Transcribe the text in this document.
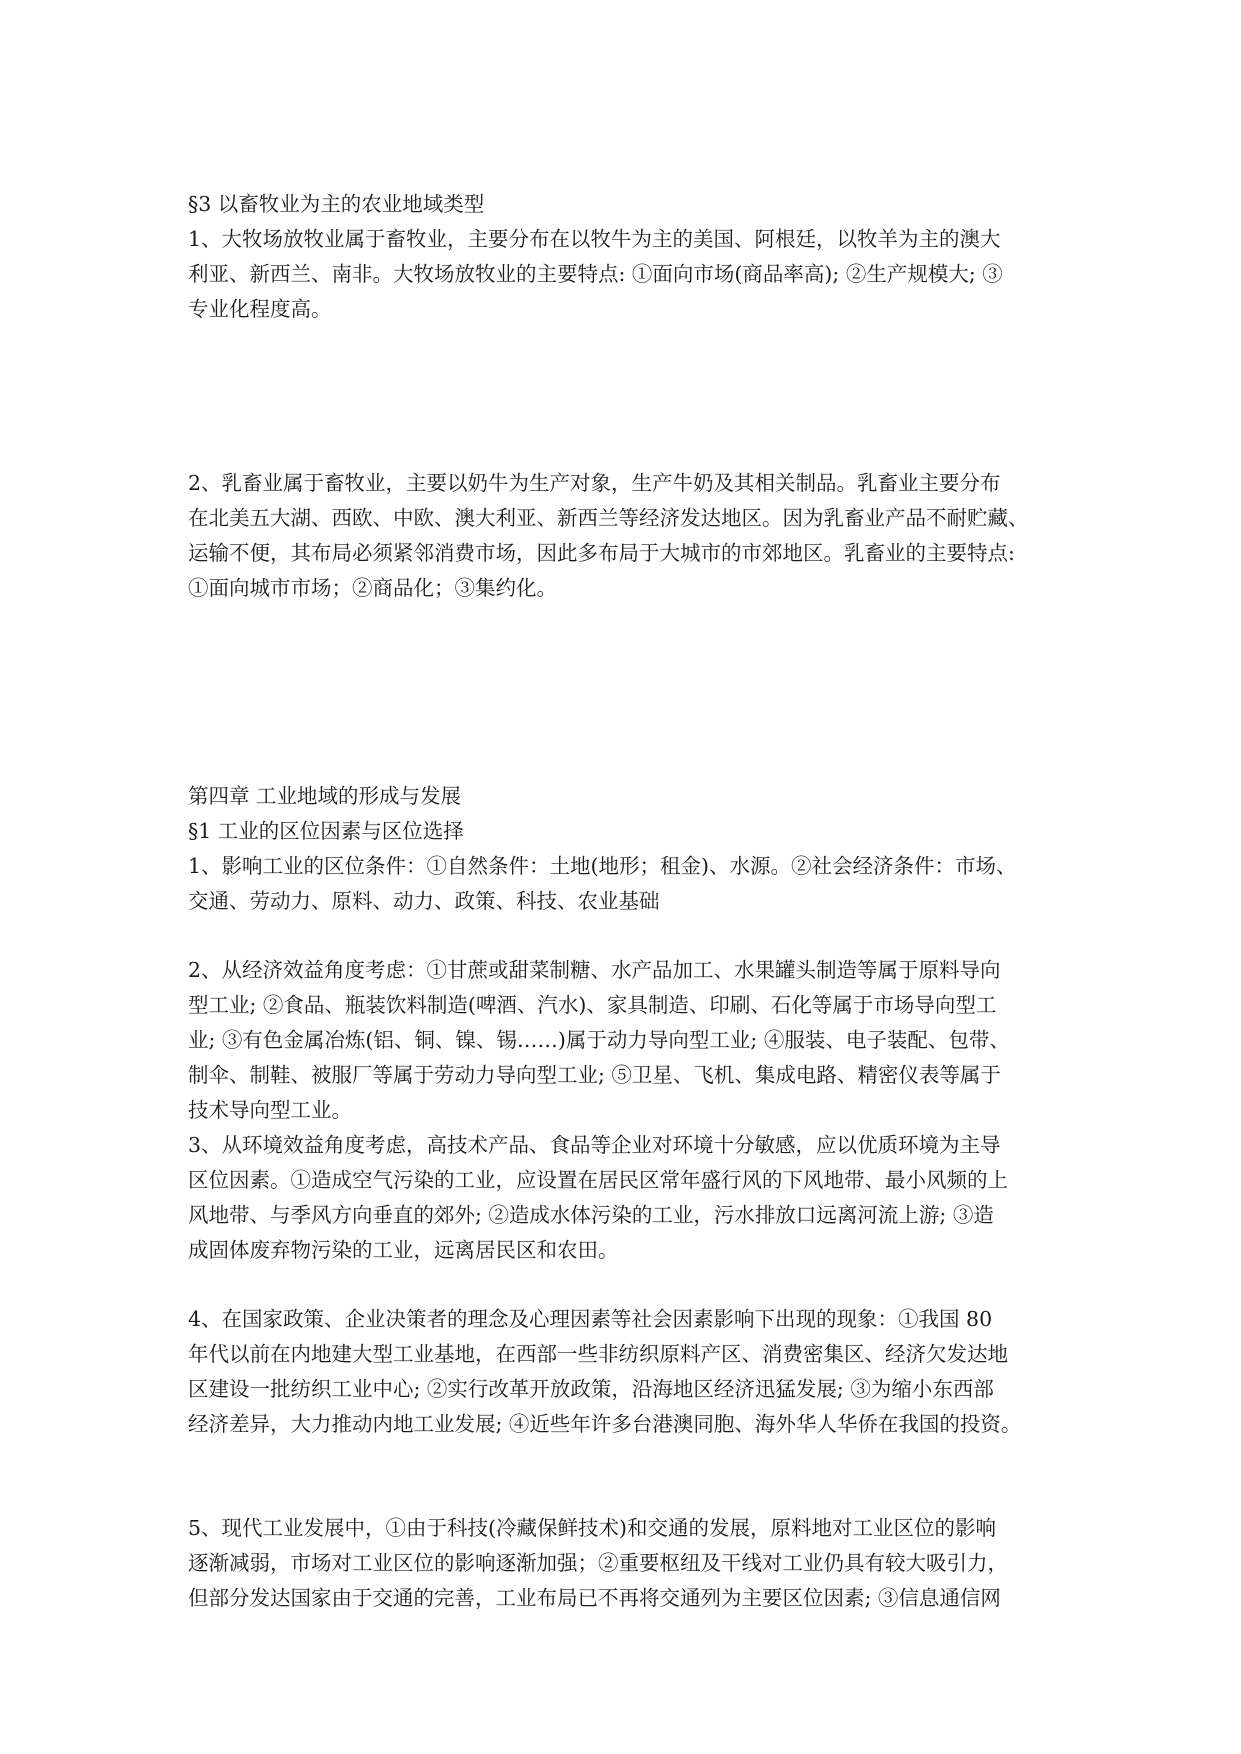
§3 以畜牧业为主的农业地域类型
1、大牧场放牧业属于畜牧业，主要分布在以牧牛为主的美国、阿根廷，以牧羊为主的澳大
利亚、新西兰、南非。大牧场放牧业的主要特点: ①面向市场(商品率高); ②生产规模大; ③
专业化程度高。
2、乳畜业属于畜牧业，主要以奶牛为生产对象，生产牛奶及其相关制品。乳畜业主要分布
在北美五大湖、西欧、中欧、澳大利亚、新西兰等经济发达地区。因为乳畜业产品不耐贮藏、
运输不便，其布局必须紧邻消费市场，因此多布局于大城市的市郊地区。乳畜业的主要特点:
①面向城市市场；②商品化；③集约化。
第四章 工业地域的形成与发展
§1 工业的区位因素与区位选择
1、影响工业的区位条件：①自然条件：土地(地形；租金)、水源。②社会经济条件：市场、
交通、劳动力、原料、动力、政策、科技、农业基础
2、从经济效益角度考虑：①甘蔗或甜菜制糖、水产品加工、水果罐头制造等属于原料导向
型工业; ②食品、瓶装饮料制造(啤酒、汽水)、家具制造、印刷、石化等属于市场导向型工
业; ③有色金属冶炼(铝、铜、镍、锡……)属于动力导向型工业; ④服装、电子装配、包带、
制伞、制鞋、被服厂等属于劳动力导向型工业; ⑤卫星、飞机、集成电路、精密仪表等属于
技术导向型工业。
3、从环境效益角度考虑，高技术产品、食品等企业对环境十分敏感，应以优质环境为主导
区位因素。①造成空气污染的工业，应设置在居民区常年盛行风的下风地带、最小风频的上
风地带、与季风方向垂直的郊外; ②造成水体污染的工业，污水排放口远离河流上游; ③造
成固体废弃物污染的工业，远离居民区和农田。
4、在国家政策、企业决策者的理念及心理因素等社会因素影响下出现的现象：①我国 80
年代以前在内地建大型工业基地，在西部一些非纺织原料产区、消费密集区、经济欠发达地
区建设一批纺织工业中心; ②实行改革开放政策，沿海地区经济迅猛发展; ③为缩小东西部
经济差异，大力推动内地工业发展; ④近些年许多台港澳同胞、海外华人华侨在我国的投资。
5、现代工业发展中，①由于科技(冷藏保鲜技术)和交通的发展，原料地对工业区位的影响
逐渐减弱，市场对工业区位的影响逐渐加强；②重要枢纽及干线对工业仍具有较大吸引力，
但部分发达国家由于交通的完善，工业布局已不再将交通列为主要区位因素; ③信息通信网
